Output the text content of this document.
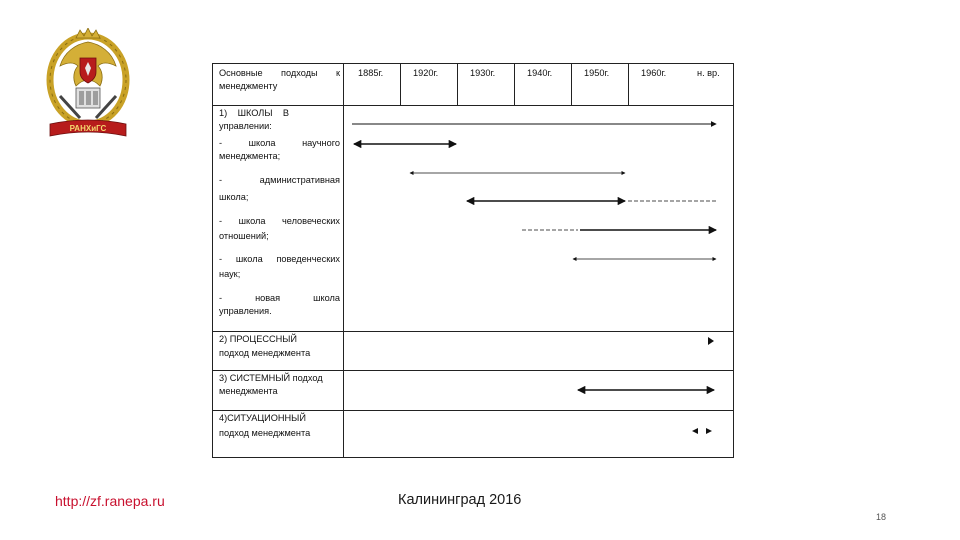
РАНХиГС
Основные подходы к
менеджменту
1885г.	1920г.	1930г.	1940г.	1950г.	1960г.	н. вр.
1) ШКОЛЫ В
управлении:
- школа научного
менеджмента;
- административная
школа;
- школа человеческих
отношений;
- школа поведенческих
наук;
- новая школа
управления.
2) ПРОЦЕССНЫЙ
подход менеджмента
3) СИСТЕМНЫЙ подход
менеджмента
4)СИТУАЦИОННЫЙ
подход менеджмента
http://zf.ranepa.ru	Калининград 2016
18
